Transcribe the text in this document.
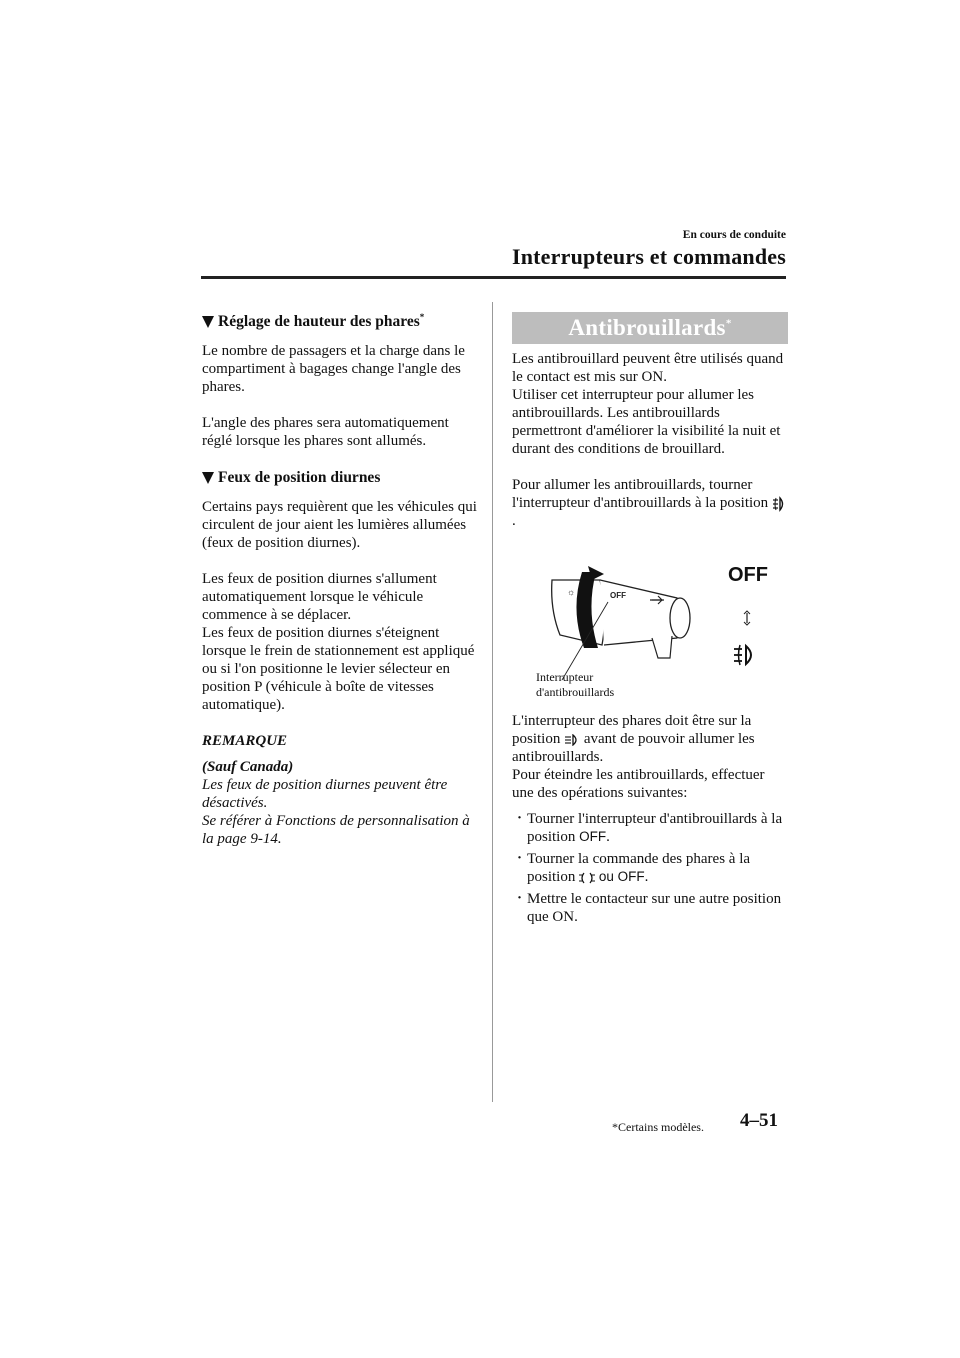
En cours de conduite
Interrupteurs et commandes
Réglage de hauteur des phares*

Le nombre de passagers et la charge dans le compartiment à bagages change l'angle des phares.

L'angle des phares sera automatiquement réglé lorsque les phares sont allumés.

Feux de position diurnes

Certains pays requièrent que les véhicules qui circulent de jour aient les lumières allumées (feux de position diurnes).

Les feux de position diurnes s'allument automatiquement lorsque le véhicule commence à se déplacer.

Les feux de position diurnes s'éteignent lorsque le frein de stationnement est appliqué ou si l'on positionne le levier sélecteur en position P (véhicule à boîte de vitesses automatique).

REMARQUE
(Sauf Canada)
Les feux de position diurnes peuvent être désactivés.
Se référer à Fonctions de personnalisation à la page 9-14.
Antibrouillards*

Les antibrouillard peuvent être utilisés quand le contact est mis sur ON.

Utiliser cet interrupteur pour allumer les antibrouillards. Les antibrouillards permettront d'améliorer la visibilité la nuit et durant des conditions de brouillard.

Pour allumer les antibrouillards, tourner l'interrupteur d'antibrouillards à la position .

OFF
☼
OFF
Interrupteur
d'antibrouillards

L'interrupteur des phares doit être sur la position avant de pouvoir allumer les antibrouillards.

Pour éteindre les antibrouillards, effectuer une des opérations suivantes:

· Tourner l'interrupteur d'antibrouillards à la position OFF.
· Tourner la commande des phares à la position ou OFF.
· Mettre le contacteur sur une autre position que ON.
*Certains modèles. 4–51
